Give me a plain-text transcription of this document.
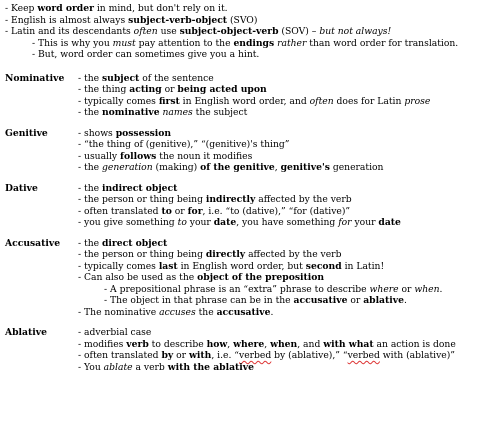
- Keep word order in mind, but don't rely on it.
- English is almost always subject-verb-object (SVO)
- Latin and its descendants often use subject-object-verb (SOV) – but not always!
- This is why you must pay attention to the endings rather than word order for translation.
- But, word order can sometimes give you a hint.
Nominative	- the subject of the sentence
- the thing acting or being acted upon
- typically comes first in English word order, and often does for Latin prose
- the nominative names the subject
Genitive	- shows possession
- “the thing of (genitive),” “(genitive)'s thing”
- usually follows the noun it modifies
- the generation (making) of the genitive, genitive's generation
Dative	- the indirect object
- the person or thing being indirectly affected by the verb
- often translated to or for, i.e. “to (dative),” “for (dative)”
- you give something to your date, you have something for your date
Accusative	- the direct object
- the person or thing being directly affected by the verb
- typically comes last in English word order, but second in Latin!
- Can also be used as the object of the preposition
- A prepositional phrase is an “extra” phrase to describe where or when.
- The object in that phrase can be in the accusative or ablative.
- The nominative accuses the accusative.
Ablative	- adverbial case
- modifies verb to describe how, where, when, and with what an action is done
- often translated by or with, i.e. “verbed by (ablative),” “verbed with (ablative)”
- You ablate a verb with the ablative
